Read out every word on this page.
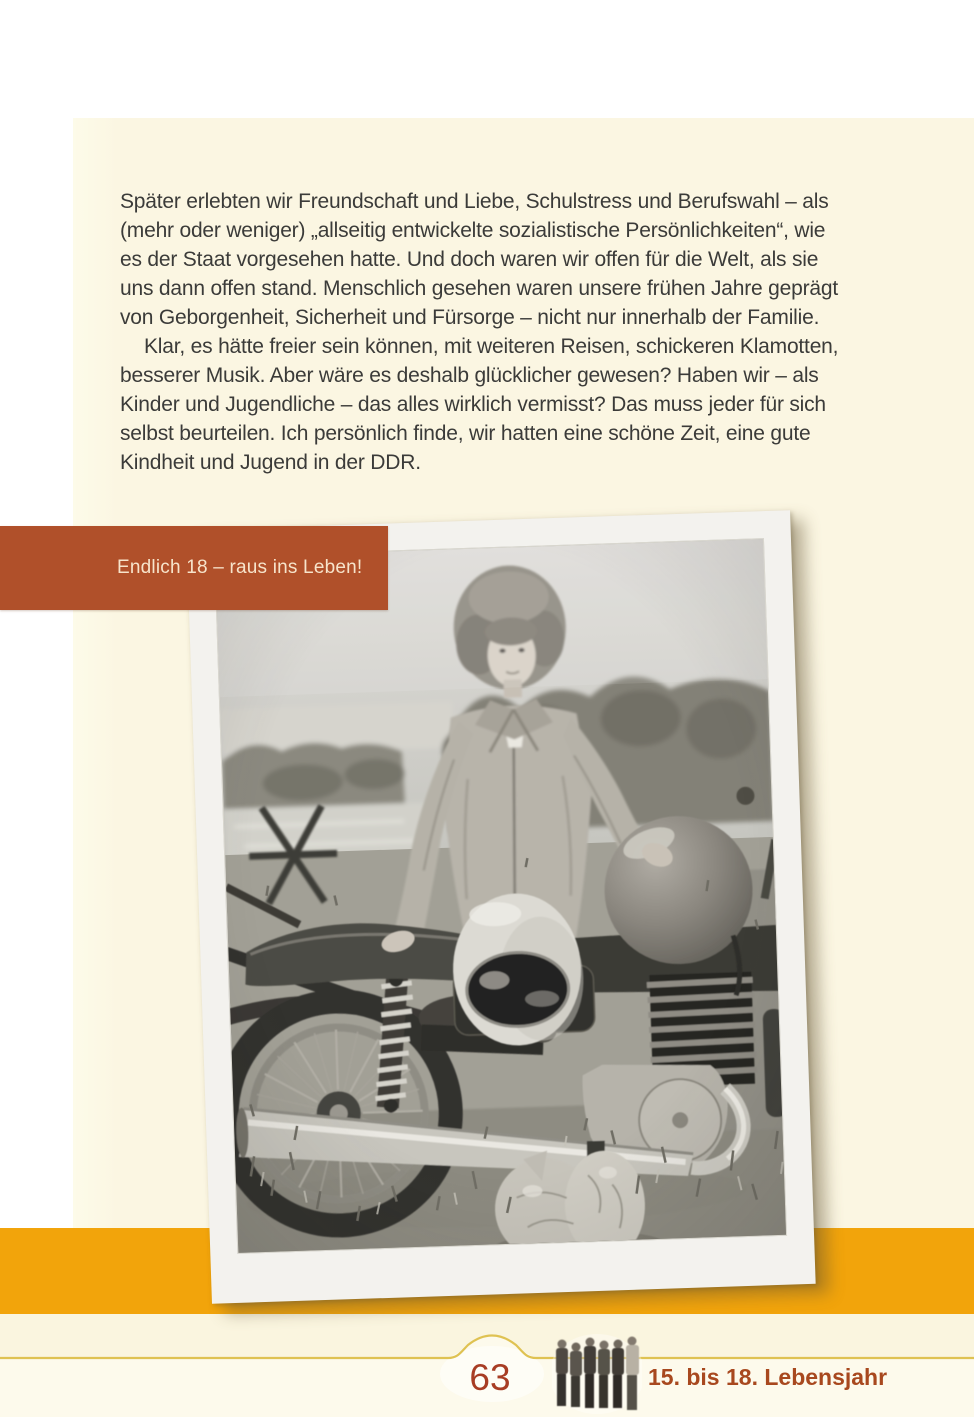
Später erlebten wir Freundschaft und Liebe, Schulstress und Berufswahl – als
(mehr oder weniger) „allseitig entwickelte sozialistische Persönlichkeiten“, wie
es der Staat vorgesehen hatte. Und doch waren wir offen für die Welt, als sie
uns dann offen stand. Menschlich gesehen waren unsere frühen Jahre geprägt
von Geborgenheit, Sicherheit und Fürsorge – nicht nur innerhalb der Familie.
Klar, es hätte freier sein können, mit weiteren Reisen, schickeren Klamotten,
besserer Musik. Aber wäre es deshalb glücklicher gewesen? Haben wir – als
Kinder und Jugendliche – das alles wirklich vermisst? Das muss jeder für sich
selbst beurteilen. Ich persönlich finde, wir hatten eine schöne Zeit, eine gute
Kindheit und Jugend in der DDR.
Endlich 18 – raus ins Leben!
63	15. bis 18. Lebensjahr
